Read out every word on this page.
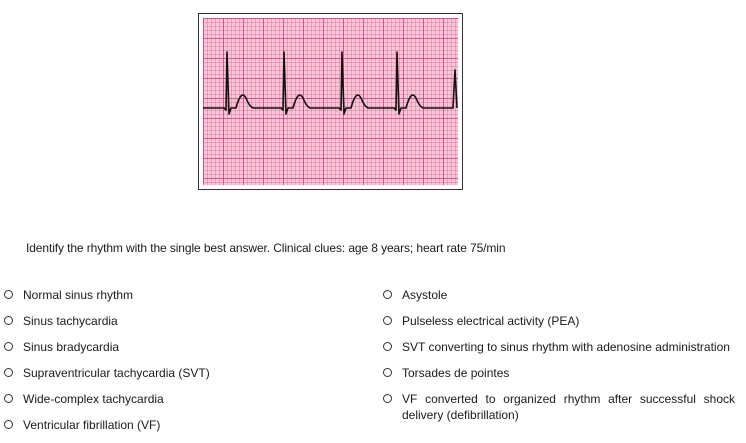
Identify the rhythm with the single best answer. Clinical clues: age 8 years; heart rate 75/min

Normal sinus rhythm
Sinus tachycardia
Sinus bradycardia
Supraventricular tachycardia (SVT)
Wide-complex tachycardia
Ventricular fibrillation (VF)
Asystole
Pulseless electrical activity (PEA)
SVT converting to sinus rhythm with adenosine administration
Torsades de pointes
VF converted to organized rhythm after successful shock delivery (defibrillation)
